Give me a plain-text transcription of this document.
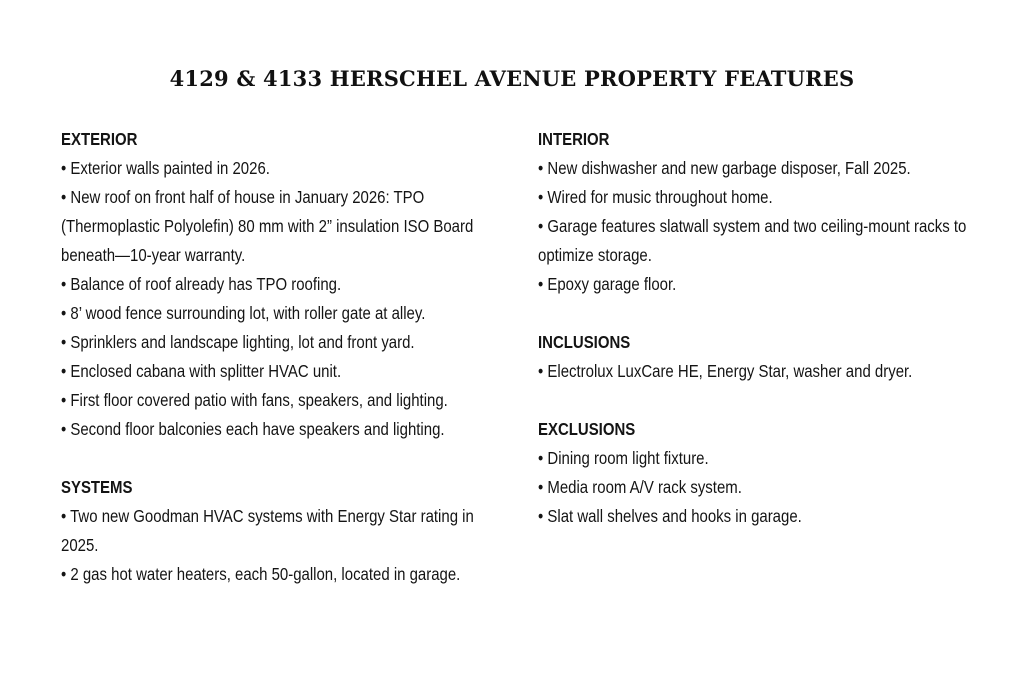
4129 & 4133 HERSCHEL AVENUE PROPERTY FEATURES
EXTERIOR
• Exterior walls painted in 2026.
• New roof on front half of house in January 2026: TPO (Thermoplastic Polyolefin) 80 mm with 2” insulation ISO Board beneath—10-year warranty.
• Balance of roof already has TPO roofing.
• 8’ wood fence surrounding lot, with roller gate at alley.
• Sprinklers and landscape lighting, lot and front yard.
• Enclosed cabana with splitter HVAC unit.
• First floor covered patio with fans, speakers, and lighting.
• Second floor balconies each have speakers and lighting.
SYSTEMS
• Two new Goodman HVAC systems with Energy Star rating in 2025.
• 2 gas hot water heaters, each 50-gallon, located in garage.
INTERIOR
• New dishwasher and new garbage disposer, Fall 2025.
• Wired for music throughout home.
• Garage features slatwall system and two ceiling-mount racks to optimize storage.
• Epoxy garage floor.
INCLUSIONS
• Electrolux LuxCare HE, Energy Star, washer and dryer.
EXCLUSIONS
• Dining room light fixture.
• Media room A/V rack system.
• Slat wall shelves and hooks in garage.
